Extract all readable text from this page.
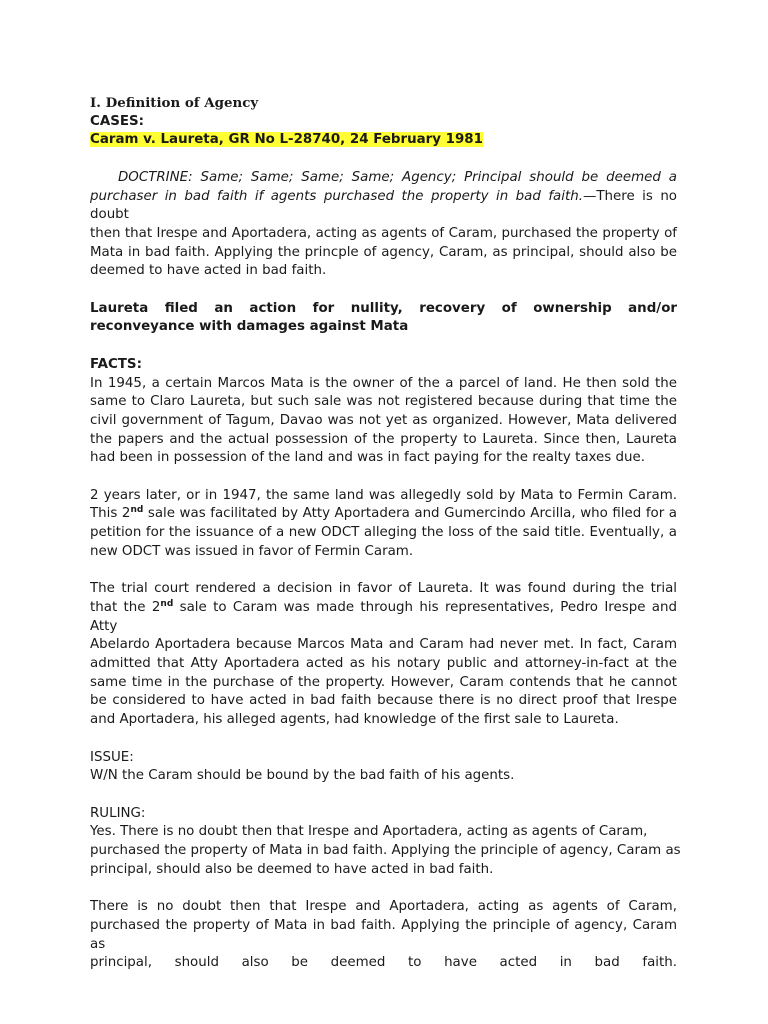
I. Definition of Agency
CASES:
Caram v. Laureta, GR No L-28740, 24 February 1981
DOCTRINE: Same; Same; Same; Same; Agency; Principal should be deemed a
purchaser in bad faith if agents purchased the property in bad faith.—There is no doubt
then that Irespe and Aportadera, acting as agents of Caram, purchased the property of
Mata in bad faith. Applying the princple of agency, Caram, as principal, should also be
deemed to have acted in bad faith.
Laureta filed an action for nullity, recovery of ownership and/or
reconveyance with damages against Mata
FACTS:
In 1945, a certain Marcos Mata is the owner of the a parcel of land. He then sold the
same to Claro Laureta, but such sale was not registered because during that time the
civil government of Tagum, Davao was not yet as organized. However, Mata delivered
the papers and the actual possession of the property to Laureta. Since then, Laureta
had been in possession of the land and was in fact paying for the realty taxes due.
2 years later, or in 1947, the same land was allegedly sold by Mata to Fermin Caram.
This 2nd sale was facilitated by Atty Aportadera and Gumercindo Arcilla, who filed for a
petition for the issuance of a new ODCT alleging the loss of the said title. Eventually, a
new ODCT was issued in favor of Fermin Caram.
The trial court rendered a decision in favor of Laureta. It was found during the trial
that the 2nd sale to Caram was made through his representatives, Pedro Irespe and Atty
Abelardo Aportadera because Marcos Mata and Caram had never met. In fact, Caram
admitted that Atty Aportadera acted as his notary public and attorney-in-fact at the
same time in the purchase of the property. However, Caram contends that he cannot
be considered to have acted in bad faith because there is no direct proof that Irespe
and Aportadera, his alleged agents, had knowledge of the first sale to Laureta.
ISSUE:
W/N the Caram should be bound by the bad faith of his agents.
RULING:
Yes. There is no doubt then that Irespe and Aportadera, acting as agents of Caram,
purchased the property of Mata in bad faith. Applying the principle of agency, Caram as
principal, should also be deemed to have acted in bad faith.
There is no doubt then that Irespe and Aportadera, acting as agents of Caram,
purchased the property of Mata in bad faith. Applying the principle of agency, Caram as
principal, should also be deemed to have acted in bad faith.
